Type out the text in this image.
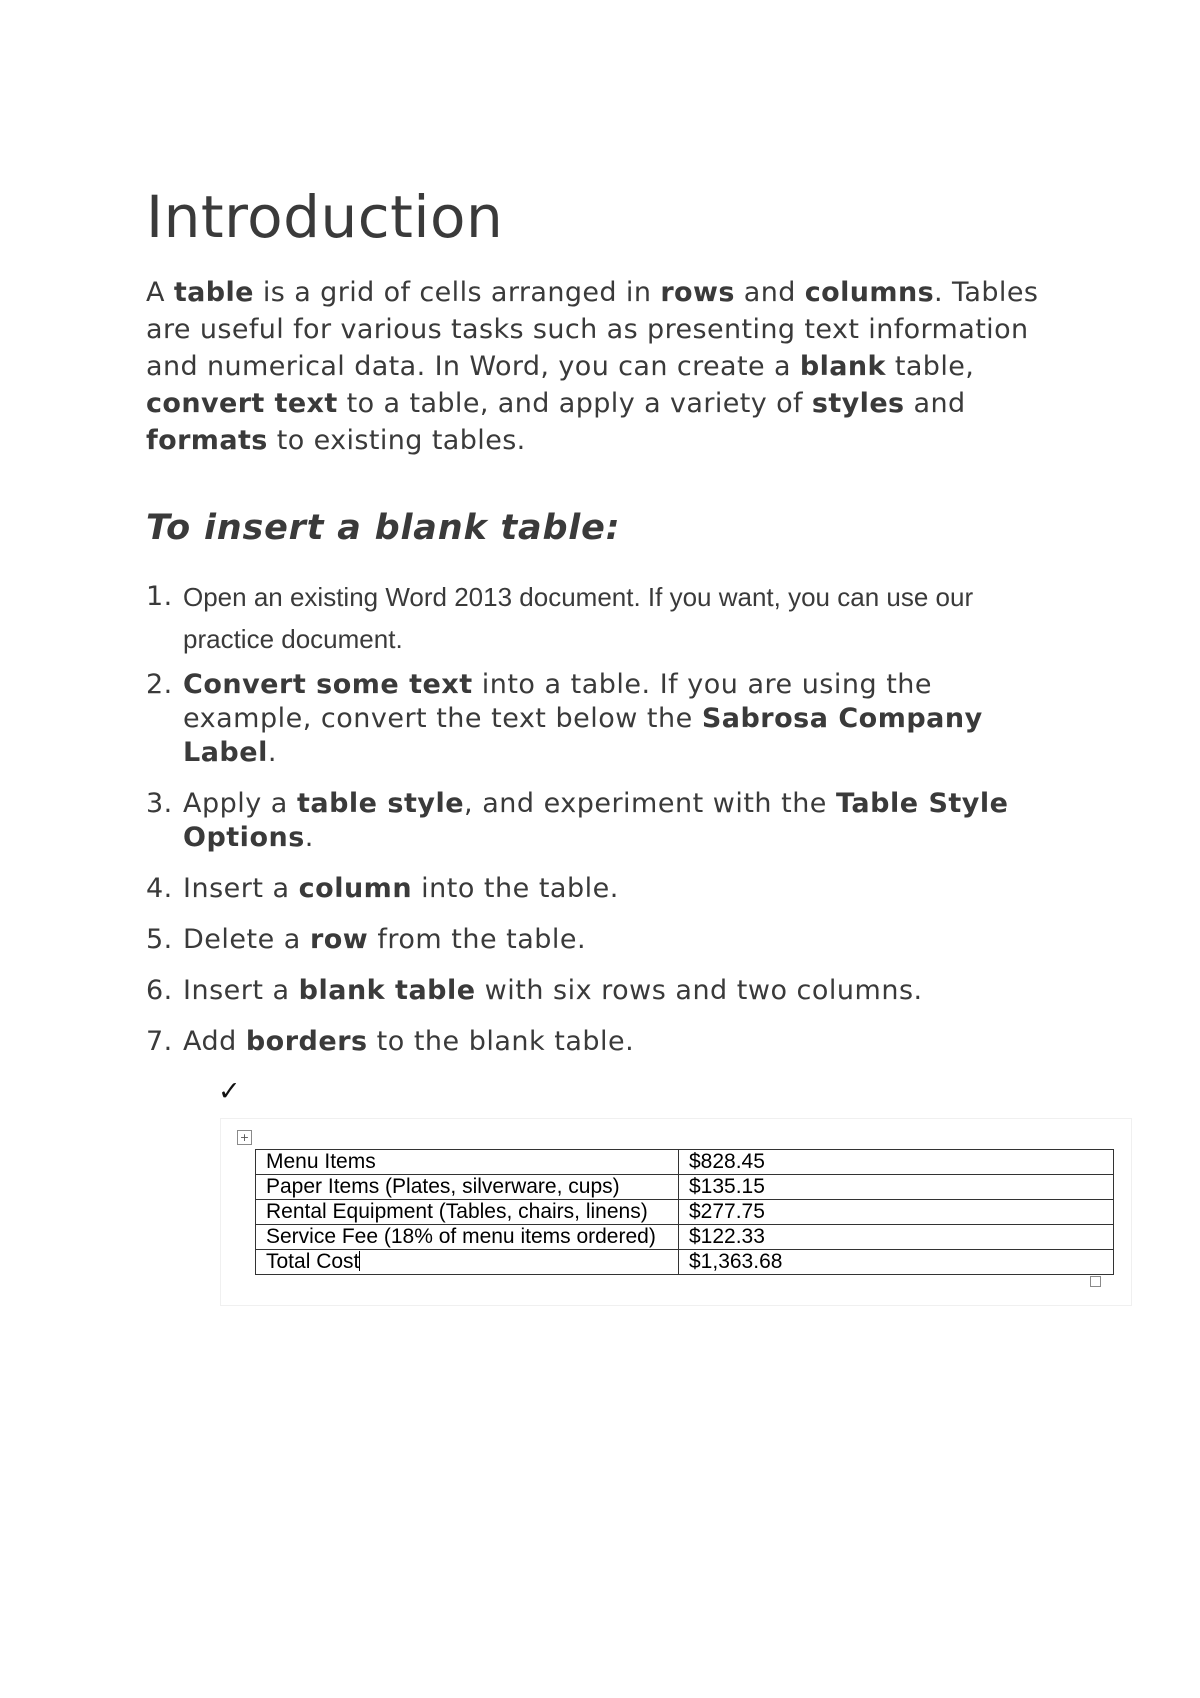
Introduction

A table is a grid of cells arranged in rows and columns. Tables are useful for various tasks such as presenting text information and numerical data. In Word, you can create a blank table, convert text to a table, and apply a variety of styles and formats to existing tables.

To insert a blank table:
1. Open an existing Word 2013 document. If you want, you can use our practice document.
2. Convert some text into a table. If you are using the example, convert the text below the Sabrosa Company Label.
3. Apply a table style, and experiment with the Table Style Options.
4. Insert a column into the table.
5. Delete a row from the table.
6. Insert a blank table with six rows and two columns.
7. Add borders to the blank table.
✓
+
Menu Items	$828.45
Paper Items (Plates, silverware, cups)	$135.15
Rental Equipment (Tables, chairs, linens)	$277.75
Service Fee (18% of menu items ordered)	$122.33
Total Cost	$1,363.68
